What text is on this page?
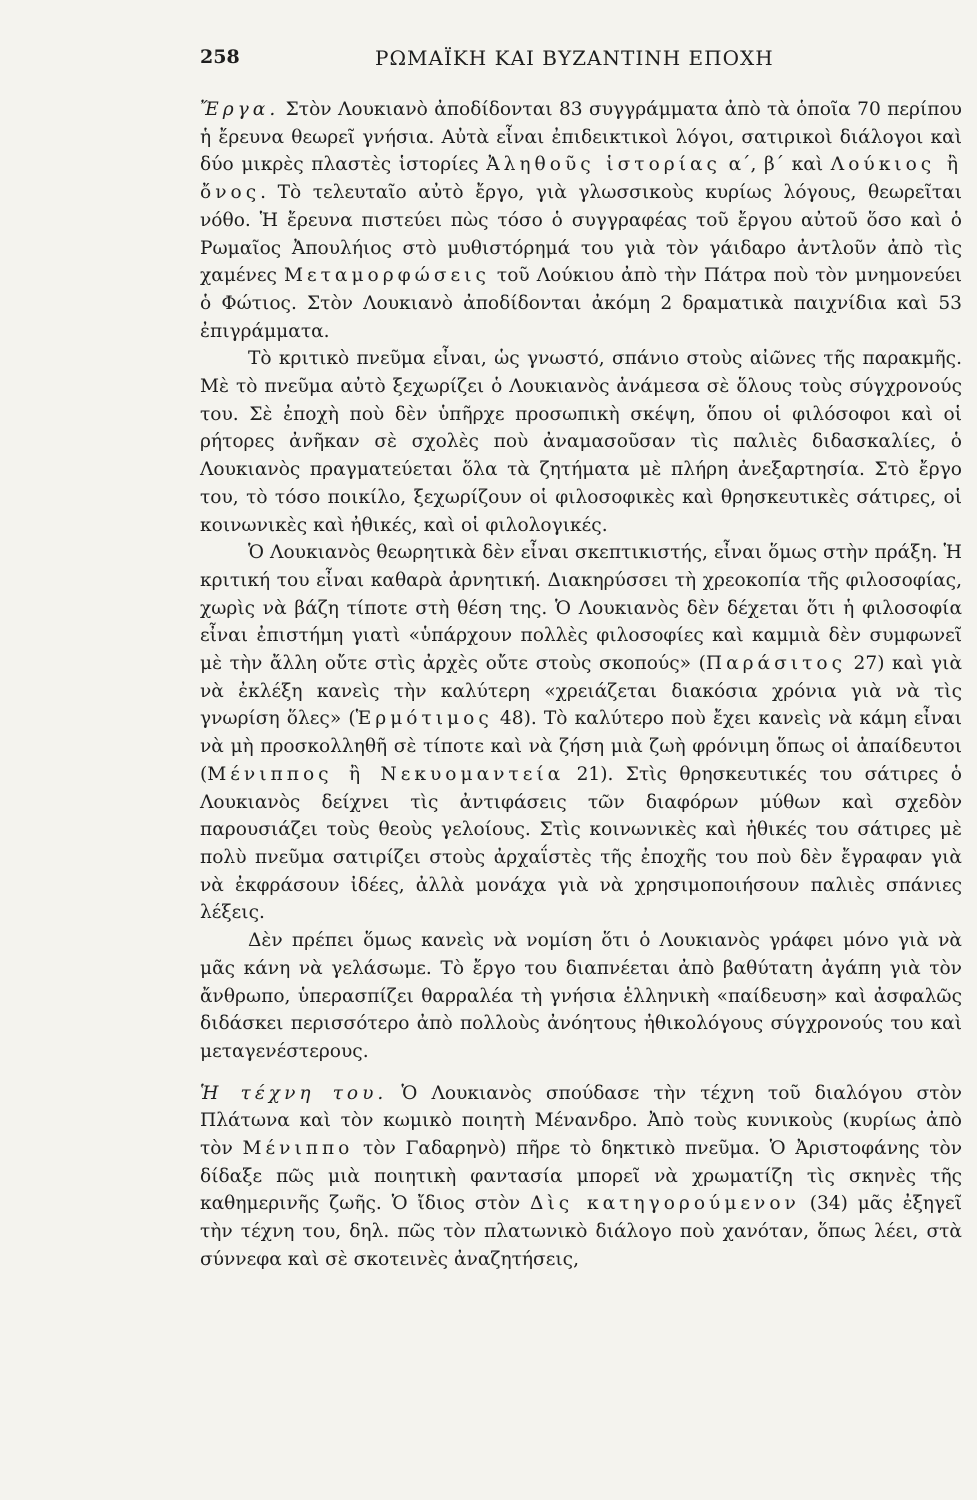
258	ΡΩΜΑΪΚΗ ΚΑΙ ΒΥΖΑΝΤΙΝΗ ΕΠΟΧΗ

Ἔργα. Στὸν Λουκιανὸ ἀποδίδονται 83 συγγράμματα ἀπὸ τὰ ὁποῖα 70 περίπου ἡ ἔρευνα θεωρεῖ γνήσια. Αὐτὰ εἶναι ἐπιδεικτικοὶ λόγοι, σατιρικοὶ διάλογοι καὶ δύο μικρὲς πλαστὲς ἱστορίες Ἀληθοῦς ἱστορίας α΄, β΄ καὶ Λούκιος ἢ ὄνος. Τὸ τελευταῖο αὐτὸ ἔργο, γιὰ γλωσσικοὺς κυρίως λόγους, θεωρεῖται νόθο. Ἡ ἔρευνα πιστεύει πὼς τόσο ὁ συγγραφέας τοῦ ἔργου αὐτοῦ ὅσο καὶ ὁ Ρωμαῖος Ἀπουλήιος στὸ μυθιστόρημά του γιὰ τὸν γάιδαρο ἀντλοῦν ἀπὸ τὶς χαμένες Μεταμορφώσεις τοῦ Λούκιου ἀπὸ τὴν Πάτρα ποὺ τὸν μνημονεύει ὁ Φώτιος. Στὸν Λουκιανὸ ἀποδίδονται ἀκόμη 2 δραματικὰ παιχνίδια καὶ 53 ἐπιγράμματα.

Τὸ κριτικὸ πνεῦμα εἶναι, ὡς γνωστό, σπάνιο στοὺς αἰῶνες τῆς παρακμῆς. Μὲ τὸ πνεῦμα αὐτὸ ξεχωρίζει ὁ Λουκιανὸς ἀνάμεσα σὲ ὅλους τοὺς σύγχρονούς του. Σὲ ἐποχὴ ποὺ δὲν ὑπῆρχε προσωπικὴ σκέψη, ὅπου οἱ φιλόσοφοι καὶ οἱ ρήτορες ἀνῆκαν σὲ σχολὲς ποὺ ἀναμασοῦσαν τὶς παλιὲς διδασκαλίες, ὁ Λουκιανὸς πραγματεύεται ὅλα τὰ ζητήματα μὲ πλήρη ἀνεξαρτησία. Στὸ ἔργο του, τὸ τόσο ποικίλο, ξεχωρίζουν οἱ φιλοσοφικὲς καὶ θρησκευτικὲς σάτιρες, οἱ κοινωνικὲς καὶ ἠθικές, καὶ οἱ φιλολογικές.

Ὁ Λουκιανὸς θεωρητικὰ δὲν εἶναι σκεπτικιστής, εἶναι ὅμως στὴν πράξη. Ἡ κριτική του εἶναι καθαρὰ ἀρνητική. Διακηρύσσει τὴ χρεοκοπία τῆς φιλοσοφίας, χωρὶς νὰ βάζη τίποτε στὴ θέση της. Ὁ Λουκιανὸς δὲν δέχεται ὅτι ἡ φιλοσοφία εἶναι ἐπιστήμη γιατὶ «ὑπάρχουν πολλὲς φιλοσοφίες καὶ καμμιὰ δὲν συμφωνεῖ μὲ τὴν ἄλλη οὔτε στὶς ἀρχὲς οὔτε στοὺς σκοπούς» (Παράσιτος 27) καὶ γιὰ νὰ ἐκλέξη κανεὶς τὴν καλύτερη «χρειάζεται διακόσια χρόνια γιὰ νὰ τὶς γνωρίση ὅλες» (Ἑρμότιμος 48). Τὸ καλύτερο ποὺ ἔχει κανεὶς νὰ κάμη εἶναι νὰ μὴ προσκολληθῆ σὲ τίποτε καὶ νὰ ζήση μιὰ ζωὴ φρόνιμη ὅπως οἱ ἀπαίδευτοι (Μένιππος ἢ Νεκυομαντεία 21). Στὶς θρησκευτικές του σάτιρες ὁ Λουκιανὸς δείχνει τὶς ἀντιφάσεις τῶν διαφόρων μύθων καὶ σχεδὸν παρουσιάζει τοὺς θεοὺς γελοίους. Στὶς κοινωνικὲς καὶ ἠθικές του σάτιρες μὲ πολὺ πνεῦμα σατιρίζει στοὺς ἀρχαΐστὲς τῆς ἐποχῆς του ποὺ δὲν ἔγραφαν γιὰ νὰ ἐκφράσουν ἰδέες, ἀλλὰ μονάχα γιὰ νὰ χρησιμοποιήσουν παλιὲς σπάνιες λέξεις.

Δὲν πρέπει ὅμως κανεὶς νὰ νομίση ὅτι ὁ Λουκιανὸς γράφει μόνο γιὰ νὰ μᾶς κάνη νὰ γελάσωμε. Τὸ ἔργο του διαπνέεται ἀπὸ βαθύτατη ἀγάπη γιὰ τὸν ἄνθρωπο, ὑπερασπίζει θαρραλέα τὴ γνήσια ἑλληνικὴ «παίδευση» καὶ ἀσφαλῶς διδάσκει περισσότερο ἀπὸ πολλοὺς ἀνόητους ἠθικολόγους σύγχρονούς του καὶ μεταγενέστερους.

Ἡ τέχνη του. Ὁ Λουκιανὸς σπούδασε τὴν τέχνη τοῦ διαλόγου στὸν Πλάτωνα καὶ τὸν κωμικὸ ποιητὴ Μένανδρο. Ἀπὸ τοὺς κυνικοὺς (κυρίως ἀπὸ τὸν Μένιππο τὸν Γαδαρηνὸ) πῆρε τὸ δηκτικὸ πνεῦμα. Ὁ Ἀριστοφάνης τὸν δίδαξε πῶς μιὰ ποιητικὴ φαντασία μπορεῖ νὰ χρωματίζη τὶς σκηνὲς τῆς καθημερινῆς ζωῆς. Ὁ ἴδιος στὸν Δὶς κατηγορούμενον (34) μᾶς ἐξηγεῖ τὴν τέχνη του, δηλ. πῶς τὸν πλατωνικὸ διάλογο ποὺ χανόταν, ὅπως λέει, στὰ σύννεφα καὶ σὲ σκοτεινὲς ἀναζητήσεις,
